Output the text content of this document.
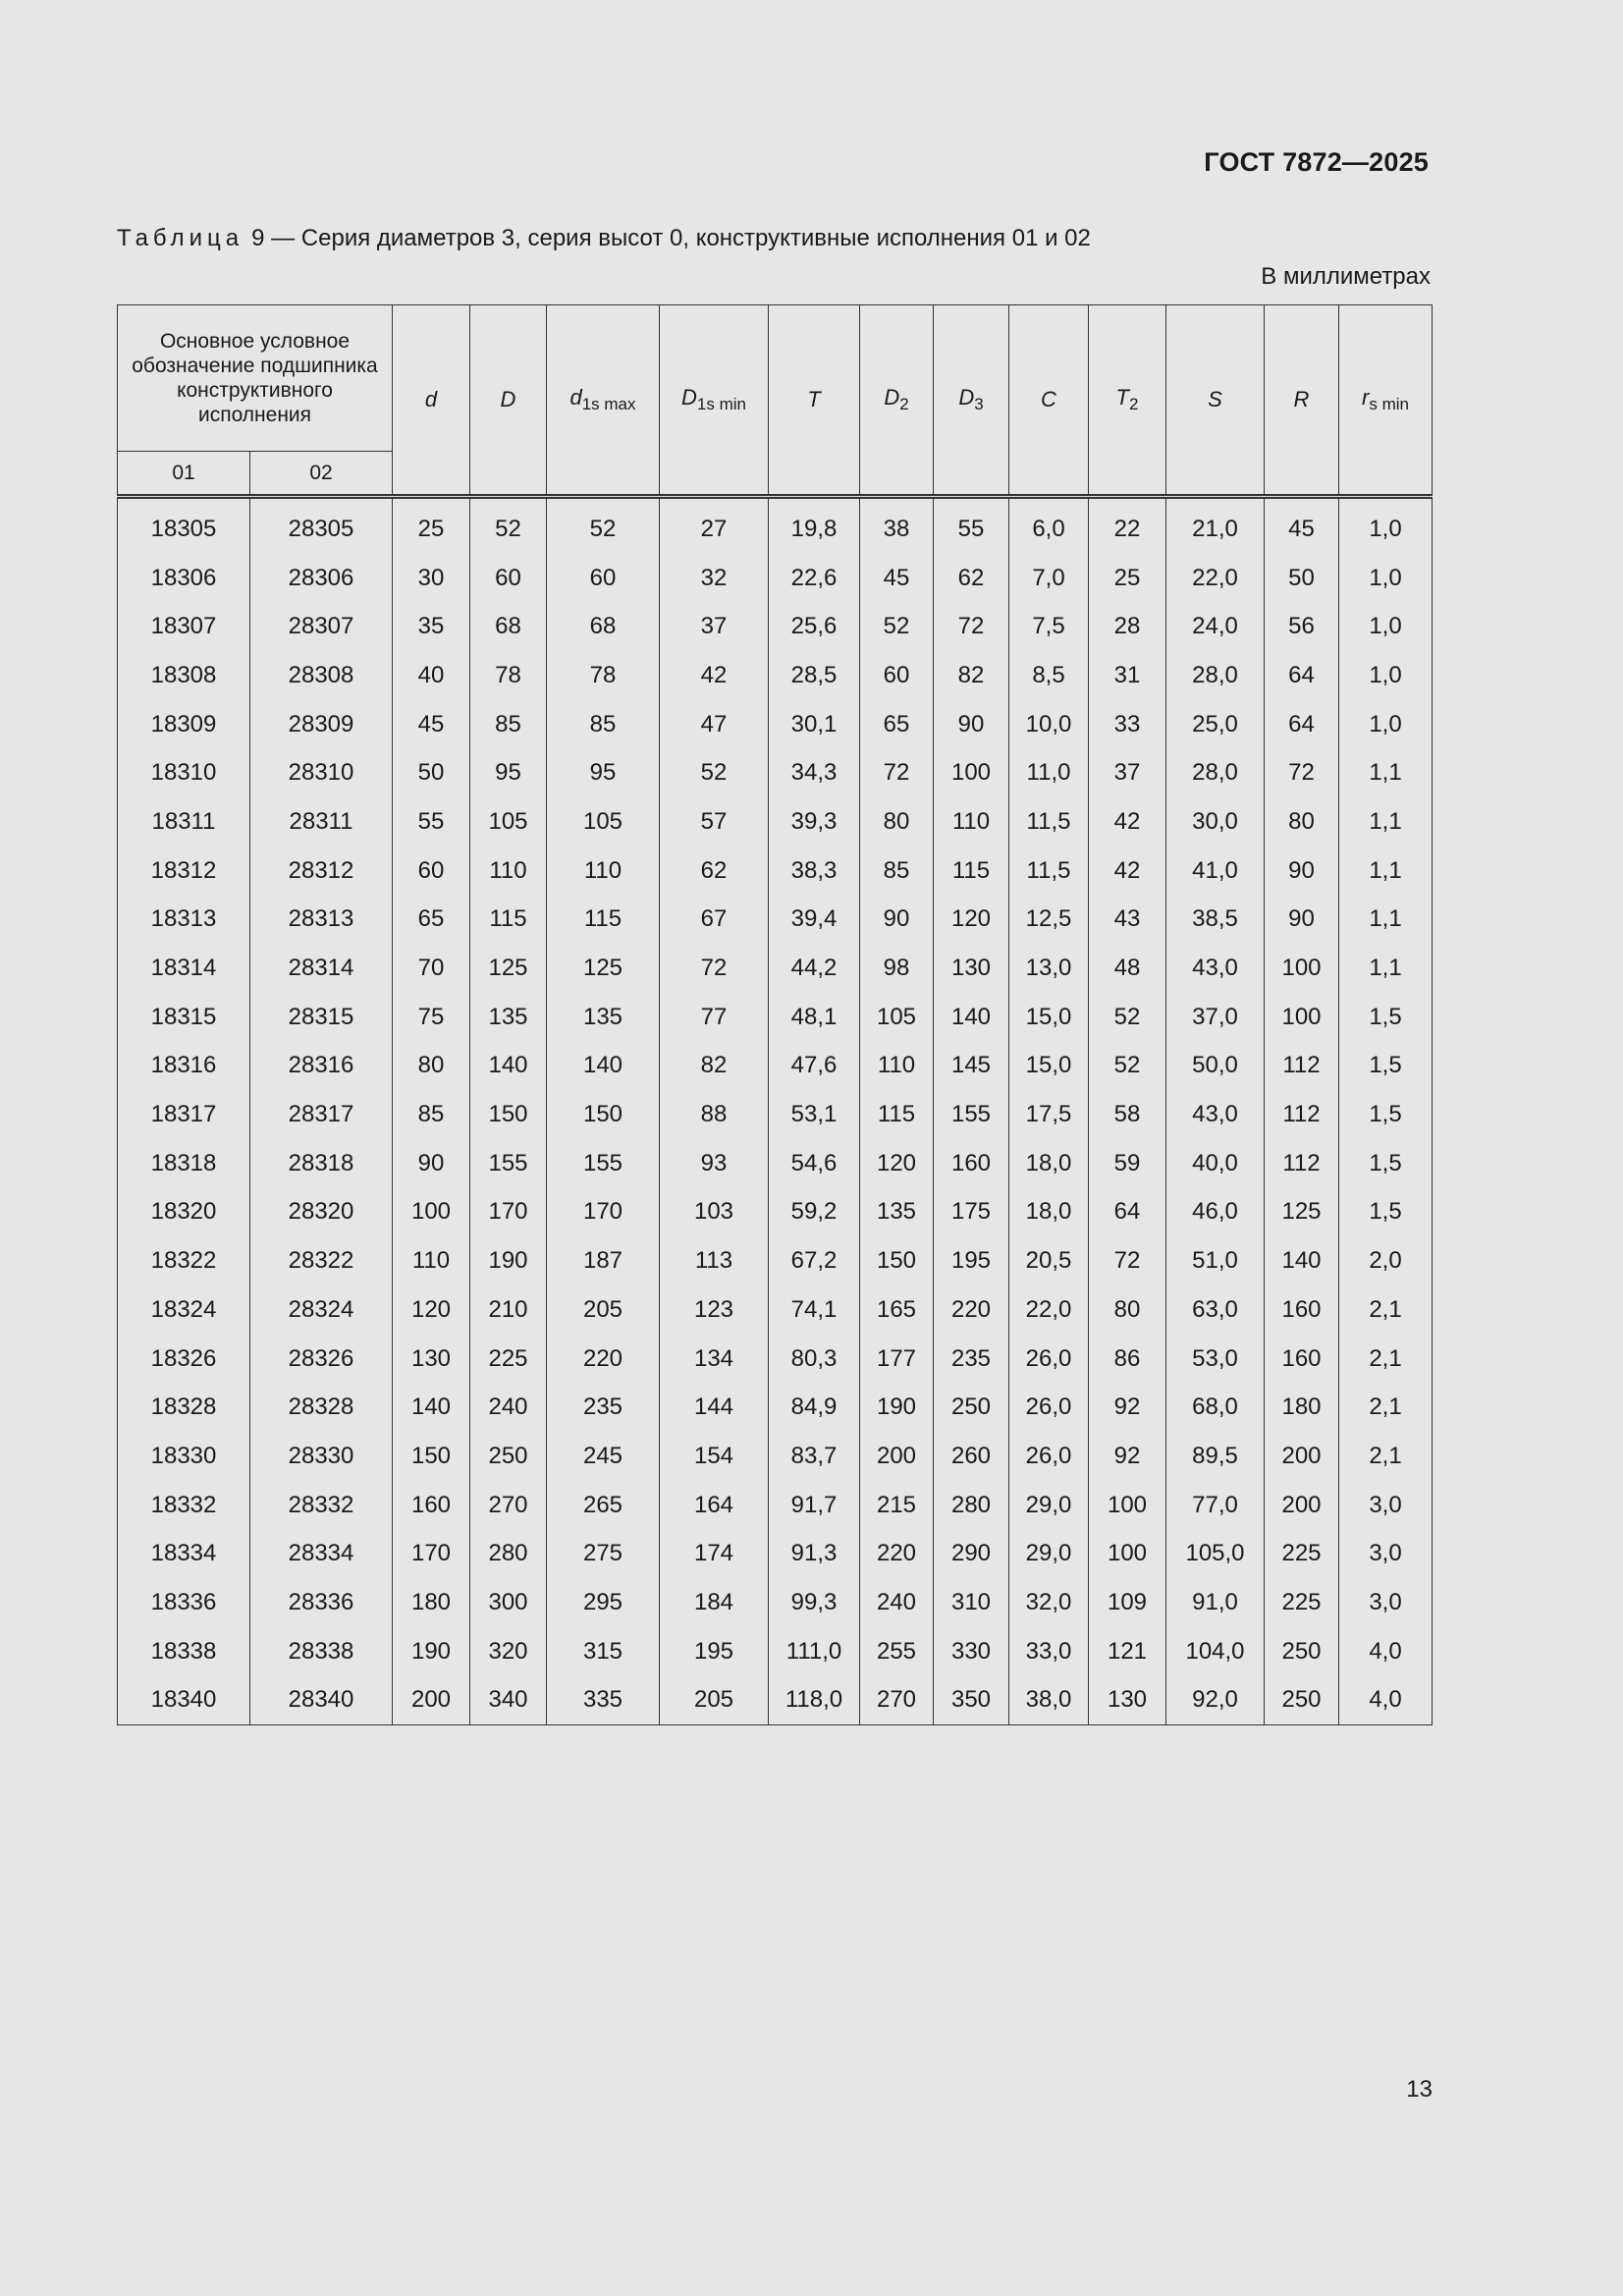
ГОСТ 7872—2025
Таблица 9 — Серия диаметров 3, серия высот 0, конструктивные исполнения 01 и 02
В миллиметрах
Основное условное обозначение подшипника конструктивного исполнения		d	D	$d_{1s max}$	$D_{1s min}$	T	$D_2$	$D_3$	C	$T_2$	S	R	$r_{s min}$
01	02												
18305	28305	25	52	52	27	19,8	38	55	6,0	22	21,0	45	1,0
18306	28306	30	60	60	32	22,6	45	62	7,0	25	22,0	50	1,0
18307	28307	35	68	68	37	25,6	52	72	7,5	28	24,0	56	1,0
18308	28308	40	78	78	42	28,5	60	82	8,5	31	28,0	64	1,0
18309	28309	45	85	85	47	30,1	65	90	10,0	33	25,0	64	1,0
18310	28310	50	95	95	52	34,3	72	100	11,0	37	28,0	72	1,1
18311	28311	55	105	105	57	39,3	80	110	11,5	42	30,0	80	1,1
18312	28312	60	110	110	62	38,3	85	115	11,5	42	41,0	90	1,1
18313	28313	65	115	115	67	39,4	90	120	12,5	43	38,5	90	1,1
18314	28314	70	125	125	72	44,2	98	130	13,0	48	43,0	100	1,1
18315	28315	75	135	135	77	48,1	105	140	15,0	52	37,0	100	1,5
18316	28316	80	140	140	82	47,6	110	145	15,0	52	50,0	112	1,5
18317	28317	85	150	150	88	53,1	115	155	17,5	58	43,0	112	1,5
18318	28318	90	155	155	93	54,6	120	160	18,0	59	40,0	112	1,5
18320	28320	100	170	170	103	59,2	135	175	18,0	64	46,0	125	1,5
18322	28322	110	190	187	113	67,2	150	195	20,5	72	51,0	140	2,0
18324	28324	120	210	205	123	74,1	165	220	22,0	80	63,0	160	2,1
18326	28326	130	225	220	134	80,3	177	235	26,0	86	53,0	160	2,1
18328	28328	140	240	235	144	84,9	190	250	26,0	92	68,0	180	2,1
18330	28330	150	250	245	154	83,7	200	260	26,0	92	89,5	200	2,1
18332	28332	160	270	265	164	91,7	215	280	29,0	100	77,0	200	3,0
18334	28334	170	280	275	174	91,3	220	290	29,0	100	105,0	225	3,0
18336	28336	180	300	295	184	99,3	240	310	32,0	109	91,0	225	3,0
18338	28338	190	320	315	195	111,0	255	330	33,0	121	104,0	250	4,0
18340	28340	200	340	335	205	118,0	270	350	38,0	130	92,0	250	4,0
13
